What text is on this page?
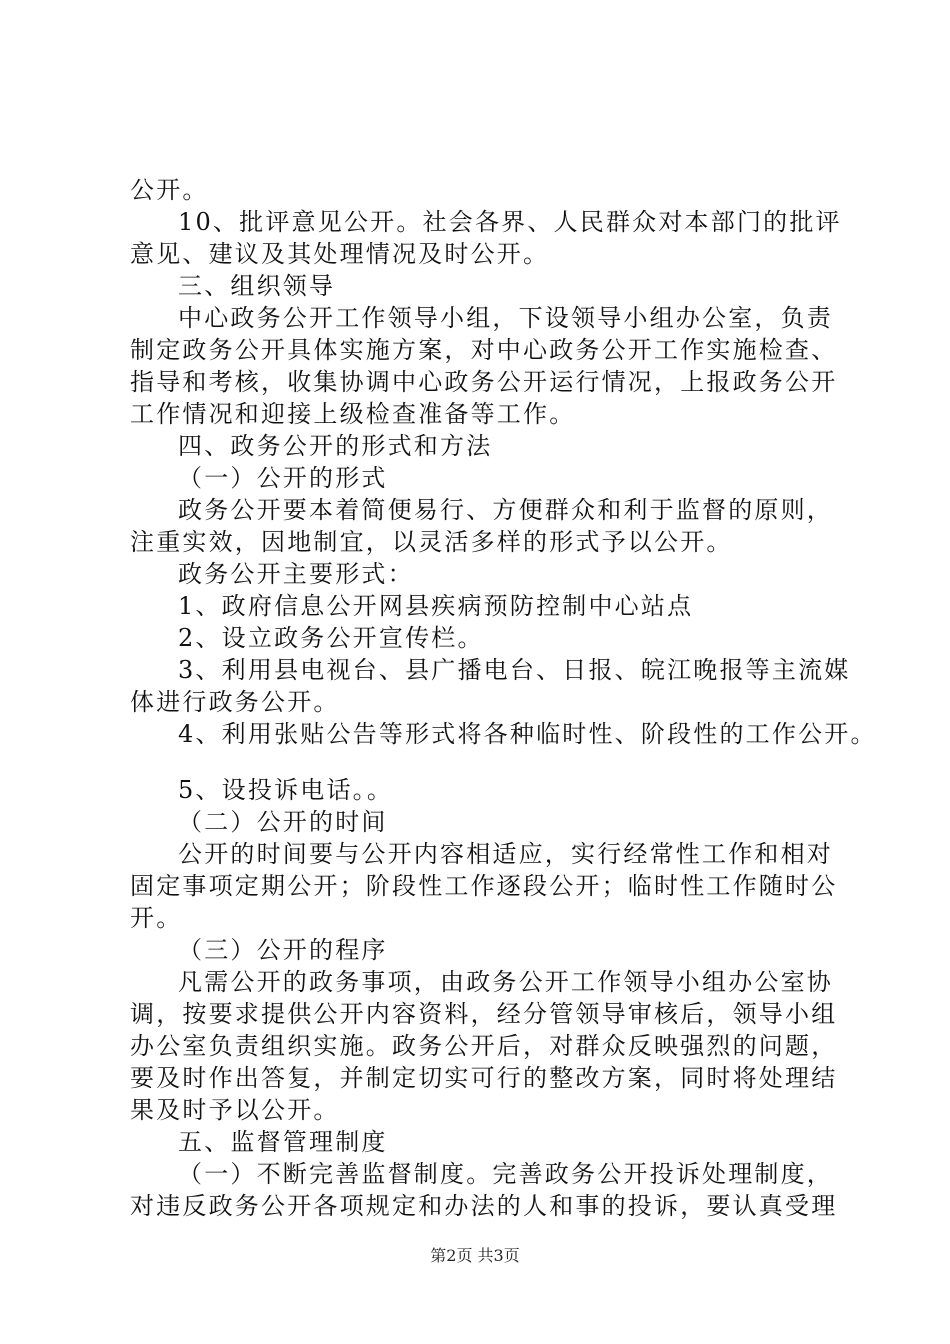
公开。
10、批评意见公开。社会各界、人民群众对本部门的批评
意见、建议及其处理情况及时公开。
三、组织领导
中心政务公开工作领导小组，下设领导小组办公室，负责
制定政务公开具体实施方案，对中心政务公开工作实施检查、
指导和考核，收集协调中心政务公开运行情况，上报政务公开
工作情况和迎接上级检查准备等工作。
四、政务公开的形式和方法
（一）公开的形式
政务公开要本着简便易行、方便群众和利于监督的原则，
注重实效，因地制宜，以灵活多样的形式予以公开。
政务公开主要形式：
1、政府信息公开网县疾病预防控制中心站点
2、设立政务公开宣传栏。
3、利用县电视台、县广播电台、日报、皖江晚报等主流媒
体进行政务公开。
4、利用张贴公告等形式将各种临时性、阶段性的工作公开。
5、设投诉电话。。
（二）公开的时间
公开的时间要与公开内容相适应，实行经常性工作和相对
固定事项定期公开；阶段性工作逐段公开；临时性工作随时公
开。
（三）公开的程序
凡需公开的政务事项，由政务公开工作领导小组办公室协
调，按要求提供公开内容资料，经分管领导审核后，领导小组
办公室负责组织实施。政务公开后，对群众反映强烈的问题，
要及时作出答复，并制定切实可行的整改方案，同时将处理结
果及时予以公开。
五、监督管理制度
（一）不断完善监督制度。完善政务公开投诉处理制度，
对违反政务公开各项规定和办法的人和事的投诉，要认真受理
第2页 共3页
